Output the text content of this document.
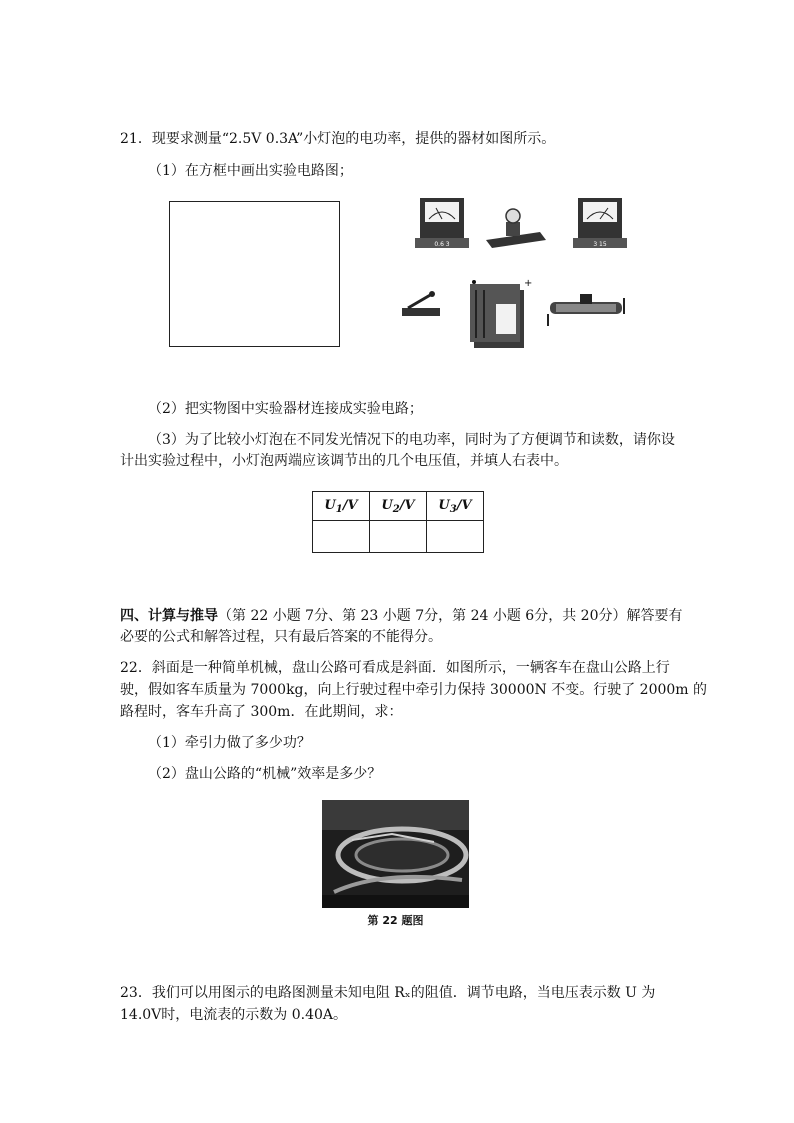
21．现要求测量“2.5V 0.3A”小灯泡的电功率，提供的器材如图所示。
（1）在方框中画出实验电路图；
0.6 3	3 15
+
（2）把实物图中实验器材连接成实验电路；
（3）为了比较小灯泡在不同发光情况下的电功率，同时为了方便调节和读数，请你设
计出实验过程中，小灯泡两端应该调节出的几个电压值，并填人右表中。
$U_1/V$	$U_2/V$	$U_3/V$

四、计算与推导（第 22 小题 7分、第 23 小题 7分，第 24 小题 6分，共 20分）解答要有
必要的公式和解答过程，只有最后答案的不能得分。
22．斜面是一种简单机械，盘山公路可看成是斜面．如图所示，一辆客车在盘山公路上行
驶，假如客车质量为 7000kg，向上行驶过程中牵引力保持 30000N 不变。行驶了 2000m 的
路程时，客车升高了 300m．在此期间，求：
（1）牵引力做了多少功？
（2）盘山公路的“机械”效率是多少？
第 22 题图
23．我们可以用图示的电路图测量未知电阻 Rₓ的阻值．调节电路，当电压表示数 U 为
14.0V时，电流表的示数为 0.40A。
